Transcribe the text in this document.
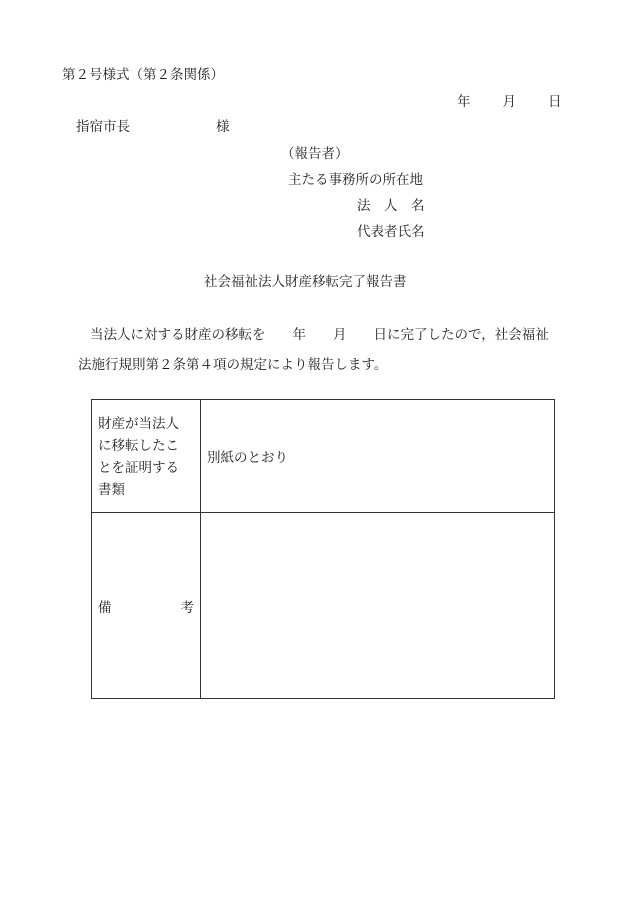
第２号様式（第２条関係）
年 月 日
指宿市長	様
（報告者）
主たる事務所の所在地
法　人　名
代表者氏名
社会福祉法人財産移転完了報告書
当法人に対する財産の移転を　　年　　月　　日に完了したので，社会福祉
法施行規則第２条第４項の規定により報告します。
財産が当法人
に移転したこ
とを証明する
書類	別紙のとおり

備 考	
